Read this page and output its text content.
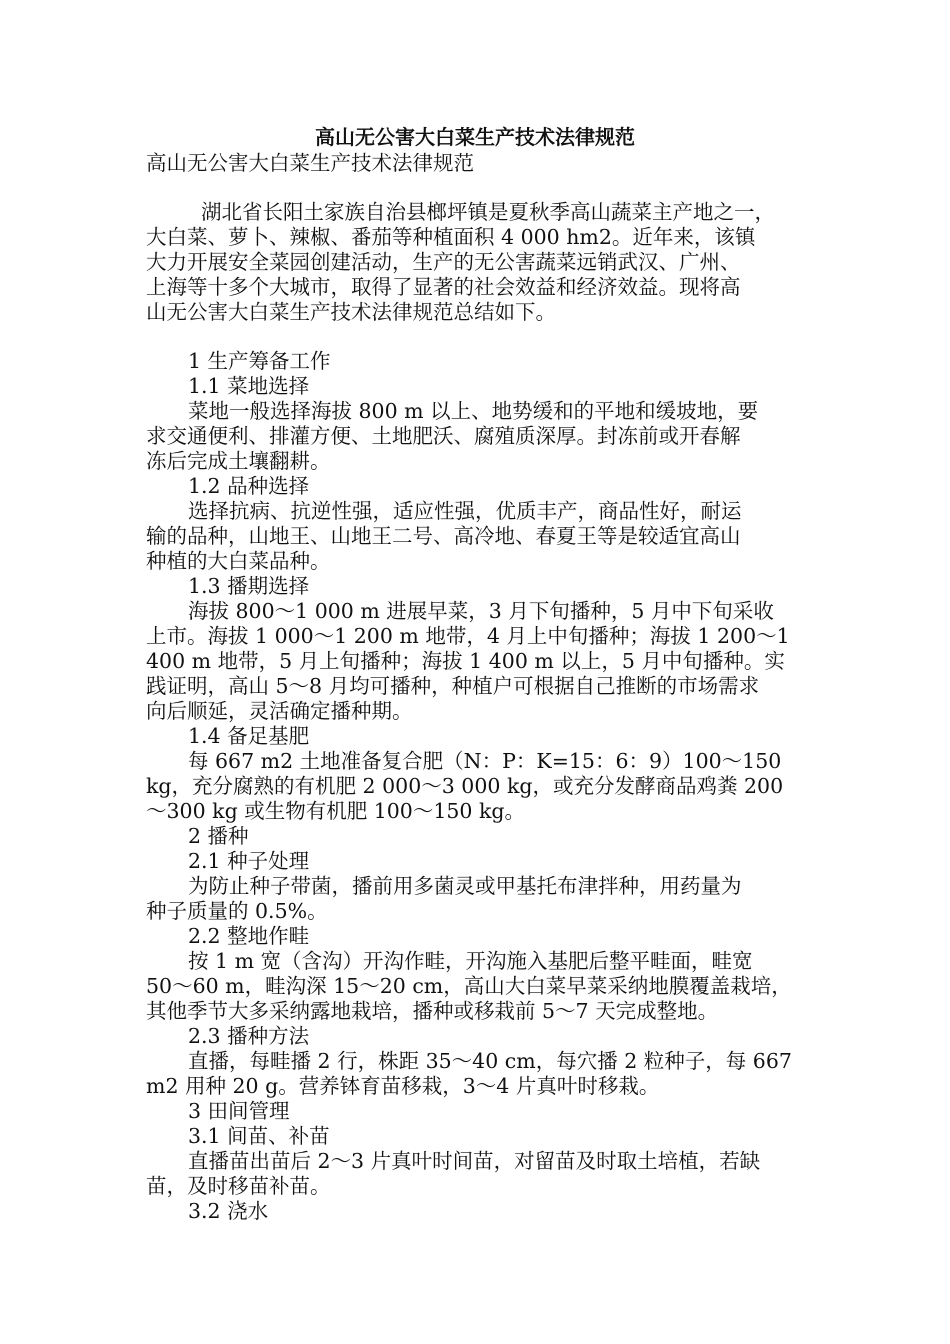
高山无公害大白菜生产技术法律规范
高山无公害大白菜生产技术法律规范
湖北省长阳土家族自治县榔坪镇是夏秋季高山蔬菜主产地之一，
大白菜、萝卜、辣椒、番茄等种植面积 4 000 hm2。近年来，该镇
大力开展安全菜园创建活动，生产的无公害蔬菜远销武汉、广州、
上海等十多个大城市，取得了显著的社会效益和经济效益。现将高
山无公害大白菜生产技术法律规范总结如下。
1 生产筹备工作
1.1 菜地选择
菜地一般选择海拔 800 m 以上、地势缓和的平地和缓坡地，要
求交通便利、排灌方便、土地肥沃、腐殖质深厚。封冻前或开春解
冻后完成土壤翻耕。
1.2 品种选择
选择抗病、抗逆性强，适应性强，优质丰产，商品性好，耐运
输的品种，山地王、山地王二号、高冷地、春夏王等是较适宜高山
种植的大白菜品种。
1.3 播期选择
海拔 800～1 000 m 进展早菜，3 月下旬播种，5 月中下旬采收
上市。海拔 1 000～1 200 m 地带，4 月上中旬播种；海拔 1 200～1
400 m 地带，5 月上旬播种；海拔 1 400 m 以上，5 月中旬播种。实
践证明，高山 5～8 月均可播种，种植户可根据自己推断的市场需求
向后顺延，灵活确定播种期。
1.4 备足基肥
每 667 m2 土地准备复合肥（N：P：K=15：6：9）100～150
kg，充分腐熟的有机肥 2 000～3 000 kg，或充分发酵商品鸡粪 200
～300 kg 或生物有机肥 100～150 kg。
2 播种
2.1 种子处理
为防止种子带菌，播前用多菌灵或甲基托布津拌种，用药量为
种子质量的 0.5%。
2.2 整地作畦
按 1 m 宽（含沟）开沟作畦，开沟施入基肥后整平畦面，畦宽
50～60 m，畦沟深 15～20 cm，高山大白菜早菜采纳地膜覆盖栽培，
其他季节大多采纳露地栽培，播种或移栽前 5～7 天完成整地。
2.3 播种方法
直播，每畦播 2 行，株距 35～40 cm，每穴播 2 粒种子，每 667
m2 用种 20 g。营养钵育苗移栽，3～4 片真叶时移栽。
3 田间管理
3.1 间苗、补苗
直播苗出苗后 2～3 片真叶时间苗，对留苗及时取土培植，若缺
苗，及时移苗补苗。
3.2 浇水
